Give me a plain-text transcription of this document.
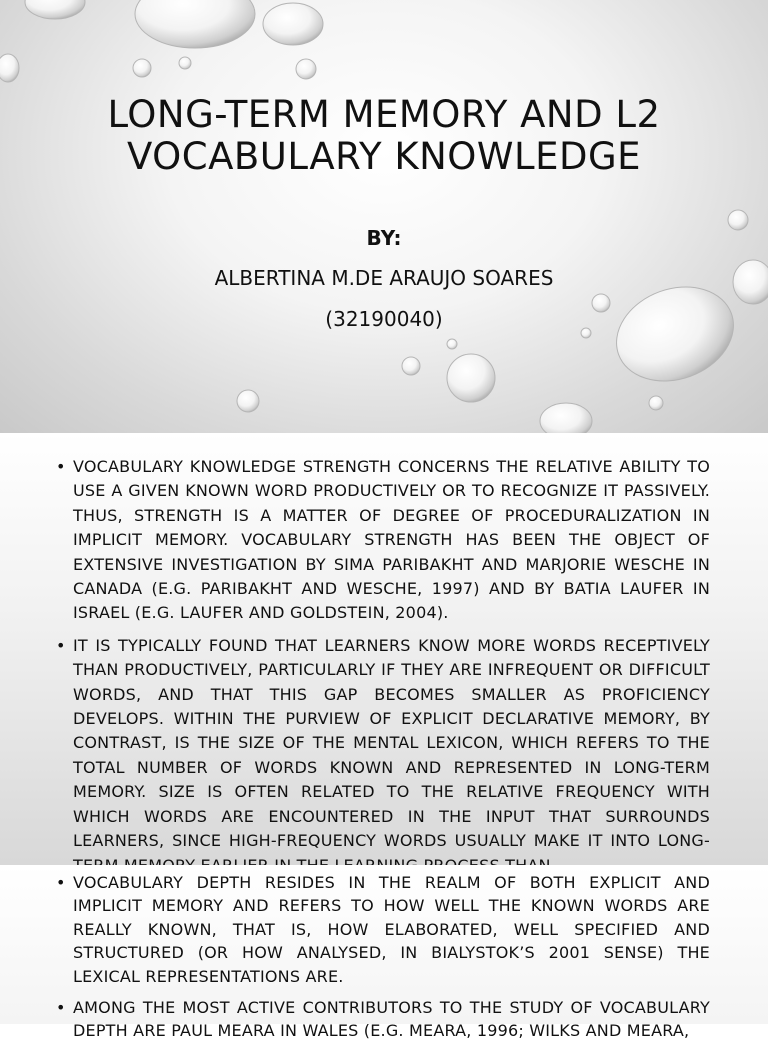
LONG-TERM MEMORY AND L2 VOCABULARY KNOWLEDGE
BY:
ALBERTINA M.DE ARAUJO SOARES
(32190040)
• VOCABULARY KNOWLEDGE STRENGTH CONCERNS THE RELATIVE ABILITY TO USE A GIVEN KNOWN WORD PRODUCTIVELY OR TO RECOGNIZE IT PASSIVELY. THUS, STRENGTH IS A MATTER OF DEGREE OF PROCEDURALIZATION IN IMPLICIT MEMORY. VOCABULARY STRENGTH HAS BEEN THE OBJECT OF EXTENSIVE INVESTIGATION BY SIMA PARIBAKHT AND MARJORIE WESCHE IN CANADA (E.G. PARIBAKHT AND WESCHE, 1997) AND BY BATIA LAUFER IN ISRAEL (E.G. LAUFER AND GOLDSTEIN, 2004).
• IT IS TYPICALLY FOUND THAT LEARNERS KNOW MORE WORDS RECEPTIVELY THAN PRODUCTIVELY, PARTICULARLY IF THEY ARE INFREQUENT OR DIFFICULT WORDS, AND THAT THIS GAP BECOMES SMALLER AS PROFICIENCY DEVELOPS. WITHIN THE PURVIEW OF EXPLICIT DECLARATIVE MEMORY, BY CONTRAST, IS THE SIZE OF THE MENTAL LEXICON, WHICH REFERS TO THE TOTAL NUMBER OF WORDS KNOWN AND REPRESENTED IN LONG-TERM MEMORY. SIZE IS OFTEN RELATED TO THE RELATIVE FREQUENCY WITH WHICH WORDS ARE ENCOUNTERED IN THE INPUT THAT SURROUNDS LEARNERS, SINCE HIGH-FREQUENCY WORDS USUALLY MAKE IT INTO LONG-
• VOCABULARY DEPTH RESIDES IN THE REALM OF BOTH EXPLICIT AND IMPLICIT MEMORY AND REFERS TO HOW WELL THE KNOWN WORDS ARE REALLY KNOWN, THAT IS, HOW ELABORATED, WELL SPECIFIED AND STRUCTURED (OR HOW ANALYSED, IN BIALYSTOK’S 2001 SENSE) THE LEXICAL REPRESENTATIONS ARE.
• AMONG THE MOST ACTIVE CONTRIBUTORS TO THE STUDY OF VOCABULARY DEPTH ARE PAUL MEARA IN WALES (E.G. MEARA, 1996; WILKS AND MEARA,
